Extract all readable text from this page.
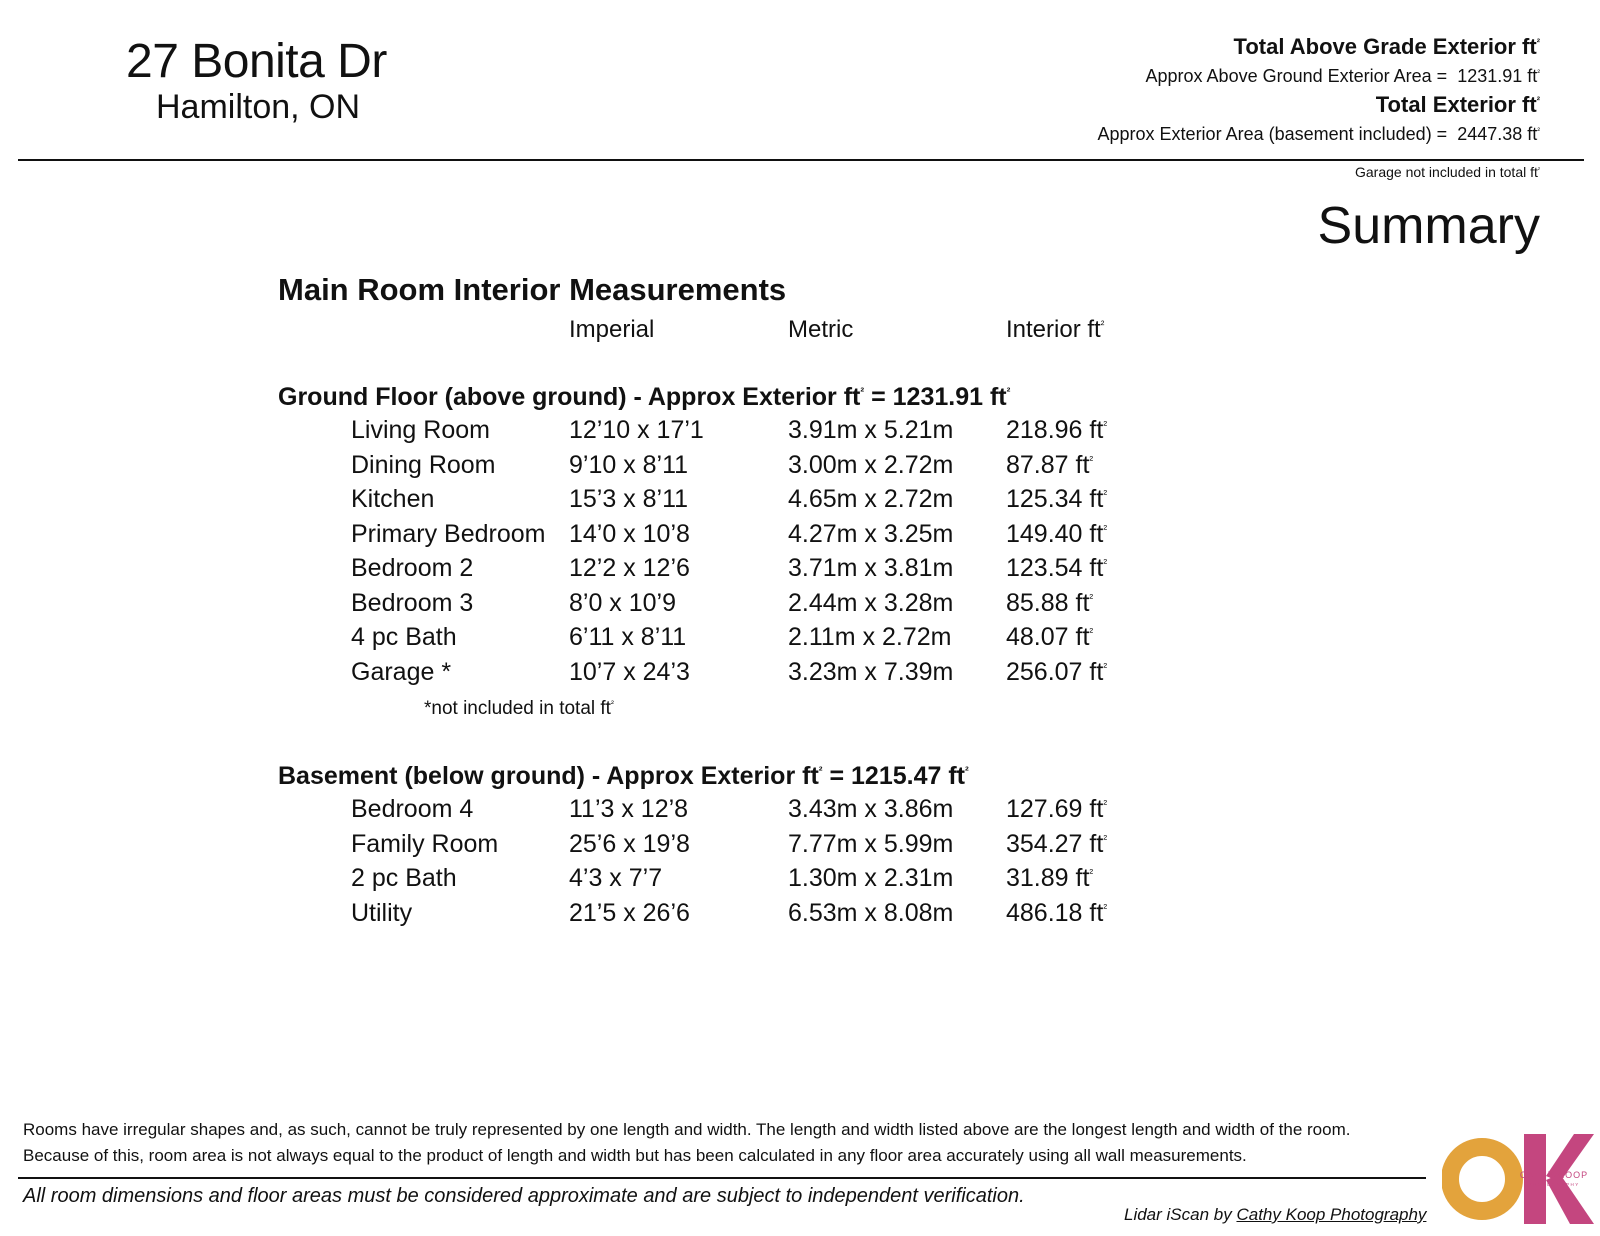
27 Bonita Dr
Hamilton, ON
Total Above Grade Exterior $ft^{^2}$
Approx Above Ground Exterior Area = 1231.91 $ft^{^2}$
Total Exterior $ft^{^2}$
Approx Exterior Area (basement included) = 2447.38 $ft^{^2}$
Garage not included in total $ft^{^2}$
Summary
Main Room Interior Measurements
Imperial	Metric	Interior $ft^{^2}$
Ground Floor (above ground) - Approx Exterior $ft^{^2} = 1231.91$ $ft^{^2}$
Living Room	12’10 x 17’1	3.91m x 5.21m 218.96 $ft^{^2}$
Dining Room	9’10 x 8’11	3.00m x 2.72m 87.87 $ft^{^2}$
Kitchen	15’3 x 8’11	4.65m x 2.72m 125.34 $ft^{^2}$
Primary Bedroom 14’0 x 10’8	4.27m x 3.25m 149.40 $ft^{^2}$
Bedroom 2	12’2 x 12’6	3.71m x 3.81m 123.54 $ft^{^2}$
Bedroom 3	8’0 x 10’9	2.44m x 3.28m 85.88 $ft^{^2}$
4 pc Bath	6’11 x 8’11	2.11m x 2.72m 48.07 $ft^{^2}$
Garage *	10’7 x 24’3	3.23m x 7.39m 256.07 $ft^{^2}$
*not included in total $ft^{^2}$
Basement (below ground) - Approx Exterior $ft^{^2} = 1215.47$ $ft^{^2}$
Bedroom 4	11’3 x 12’8	3.43m x 3.86m 127.69 $ft^{^2}$
Family Room	25’6 x 19’8	7.77m x 5.99m 354.27 $ft^{^2}$
2 pc Bath	4’3 x 7’7	1.30m x 2.31m 31.89 $ft^{^2}$
Utility	21’5 x 26’6	6.53m x 8.08m 486.18 $ft^{^2}$
Rooms have irregular shapes and, as such, cannot be truly represented by one length and width. The length and width listed above are the longest length and width of the room.
Because of this, room area is not always equal to the product of length and width but has been calculated in any floor area accurately using all wall measurements.
All room dimensions and floor areas must be considered approximate and are subject to independent verification.
Lidar iScan by Cathy Koop Photography
CATHY KOOP
PHOTOGRAPHY
